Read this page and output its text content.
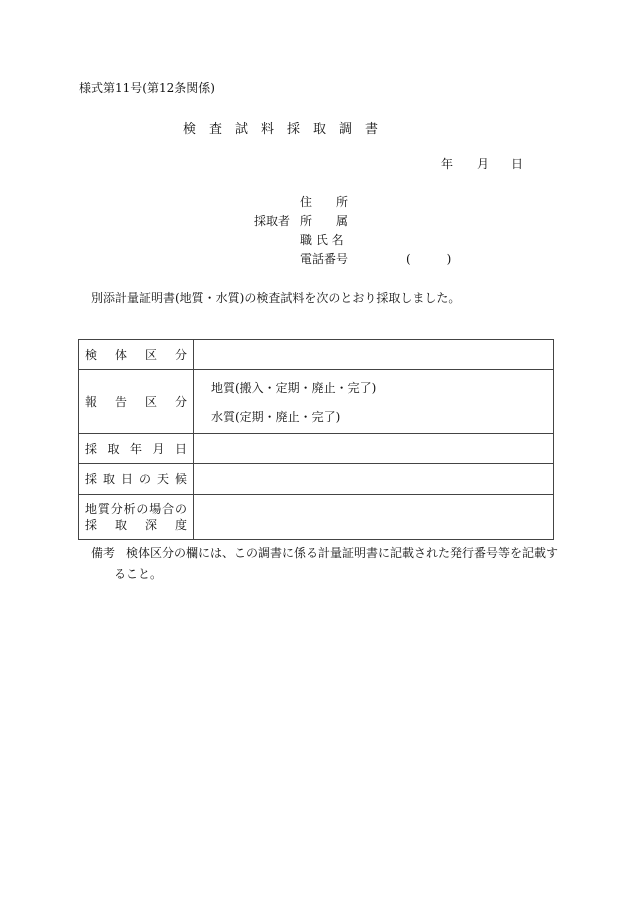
様式第11号(第12条関係)
検　査　試　料　採　取　調　書
年 月 日
採取者
住　　所
所　　属
職 氏 名
電話番号	(　　　)
別添計量証明書(地質・水質)の検査試料を次のとおり採取しました。
検　体　区　分	

報　告　区　分	地質(搬入・定期・廃止・完了)
水質(定期・廃止・完了)

採 取 年 月 日	

採 取 日 の 天 候	

地質分析の場合の
採　取　深　度	

備考 検体区分の欄には、この調書に係る計量証明書に記載された発行番号等を記載す
ること。
